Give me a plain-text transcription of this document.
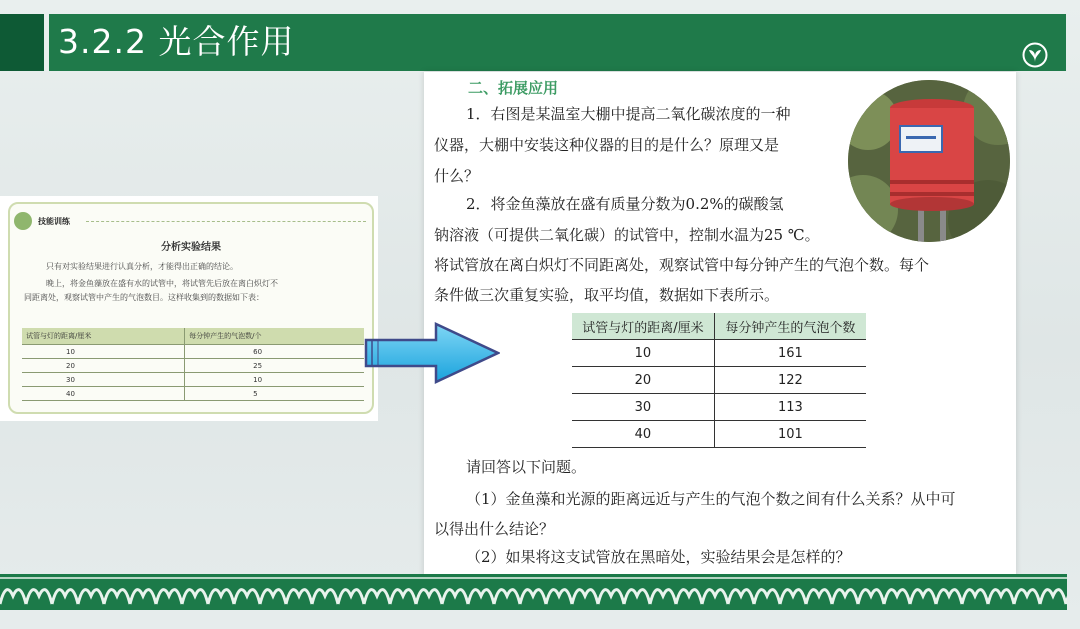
3.2.2 光合作用
技能训练
分析实验结果
只有对实验结果进行认真分析，才能得出正确的结论。
晚上，将金鱼藻放在盛有水的试管中，将试管先后放在离白炽灯不
同距离处，观察试管中产生的气泡数目。这样收集到的数据如下表：
试管与灯的距离/厘米	每分钟产生的气泡数/个
10	60
20	25
30	10
40	5
二、拓展应用
1．右图是某温室大棚中提高二氧化碳浓度的一种
仪器，大棚中安装这种仪器的目的是什么？原理又是
什么？
2．将金鱼藻放在盛有质量分数为0.2%的碳酸氢
钠溶液（可提供二氧化碳）的试管中，控制水温为25 ℃。
将试管放在离白炽灯不同距离处，观察试管中每分钟产生的气泡个数。每个
条件做三次重复实验，取平均值，数据如下表所示。
试管与灯的距离/厘米	每分钟产生的气泡个数
10	161
20	122
30	113
40	101
请回答以下问题。
（1）金鱼藻和光源的距离远近与产生的气泡个数之间有什么关系？从中可
以得出什么结论？
（2）如果将这支试管放在黑暗处，实验结果会是怎样的？
